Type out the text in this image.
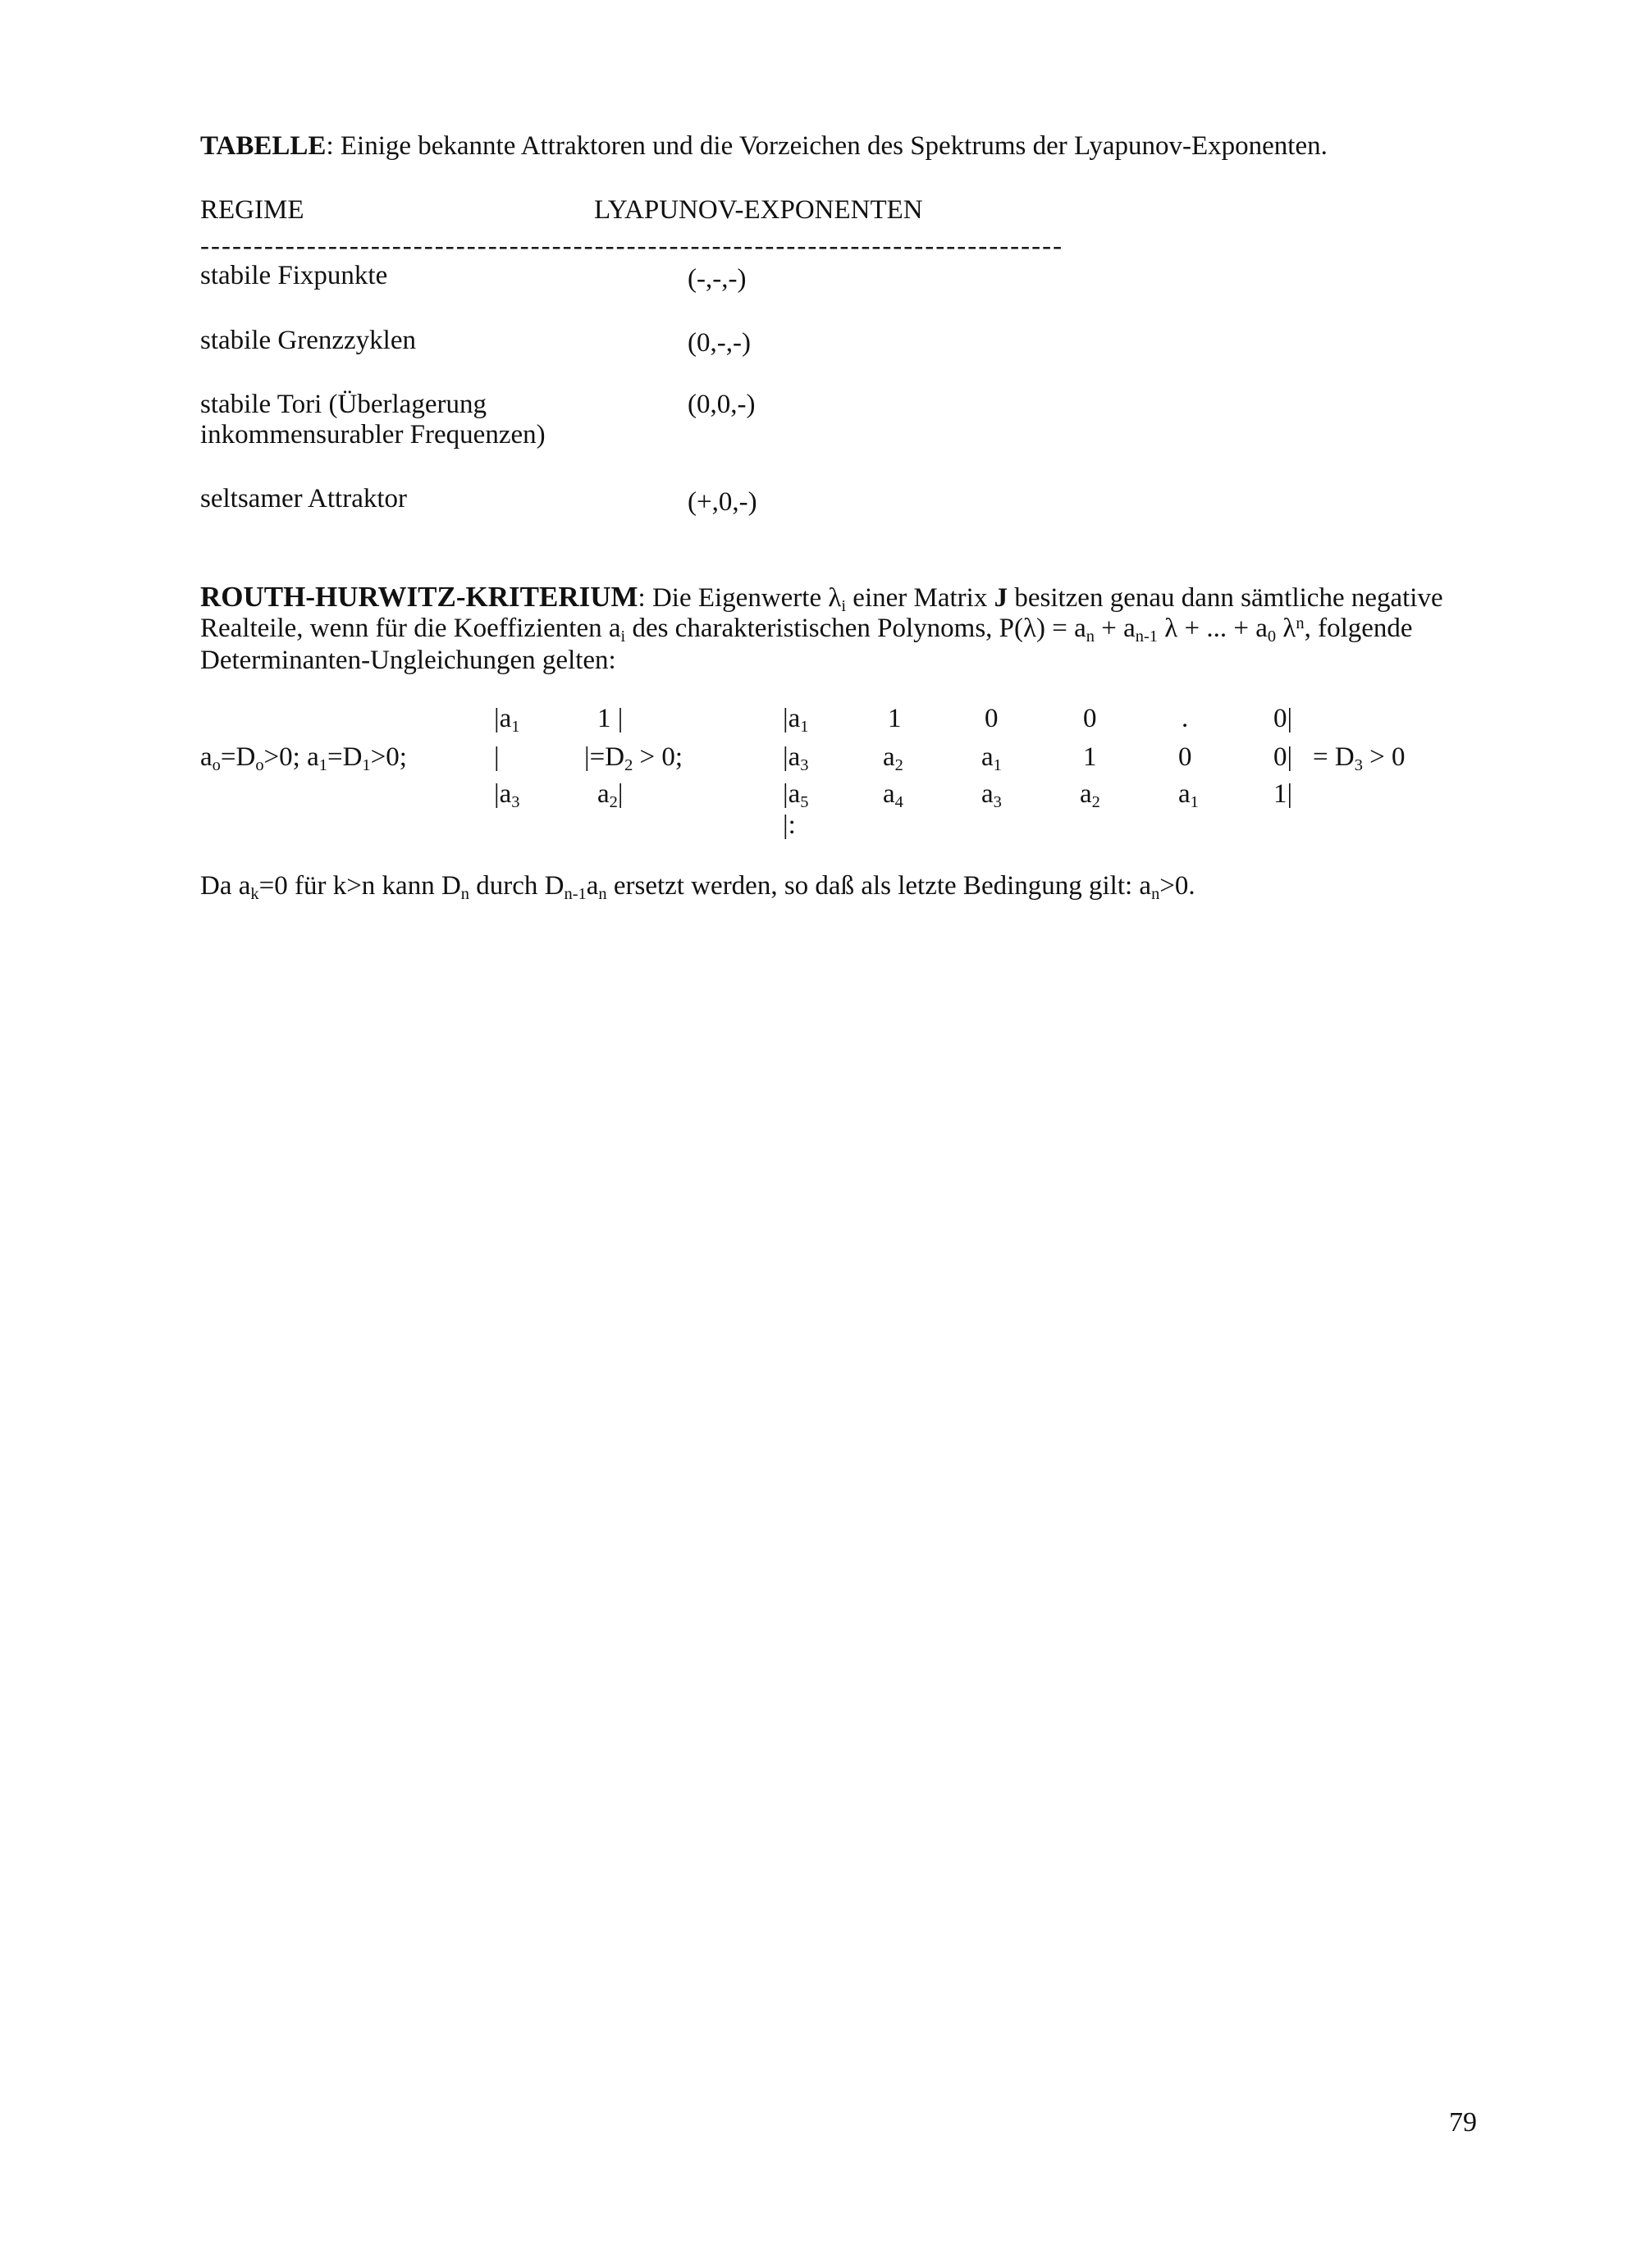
TABELLE: Einige bekannte Attraktoren und die Vorzeichen des Spektrums der Lyapunov-Exponenten.
REGIME	LYAPUNOV-EXPONENTEN
---------------------------------------------------------------------------------
stabile Fixpunkte	(-,-,-)
stabile Grenzzyklen	(0,-,-)
stabile Tori (Überlagerung
inkommensurabler Frequenzen)
(0,0,-)
seltsamer Attraktor	(+,0,-)
ROUTH-HURWITZ-KRITERIUM: Die Eigenwerte $\lambda_i$ einer Matrix J besitzen genau dann sämtliche negative
Realteile, wenn für die Koeffizienten $a_i$ des charakteristischen Polynoms, $P(\lambda) = a_n + a_{n-1}$ λ + ... + $a_0$ $\lambda^n$, folgende
Determinanten-Ungleichungen gelten:
$a_o=D_o>0$; $a_1=D_1>0$;
$|a_1$	1 |
|	$|=D_2 > 0$;
$|a_3$	$a_2|$
$|a_1$	1	0	0	.	0|
$|a_3$	$a_2$	$a_1$	1	0	$0| = D_3 > 0$
$|a_5$	$a_4$	$a_3$	$a_2$	$a_1$	1|
|:
Da $a_k=0$ für k>n kann $D_n$ durch $D_{n-1}a_n$ ersetzt werden, so daß als letzte Bedingung gilt: $a_n>0$.
79
